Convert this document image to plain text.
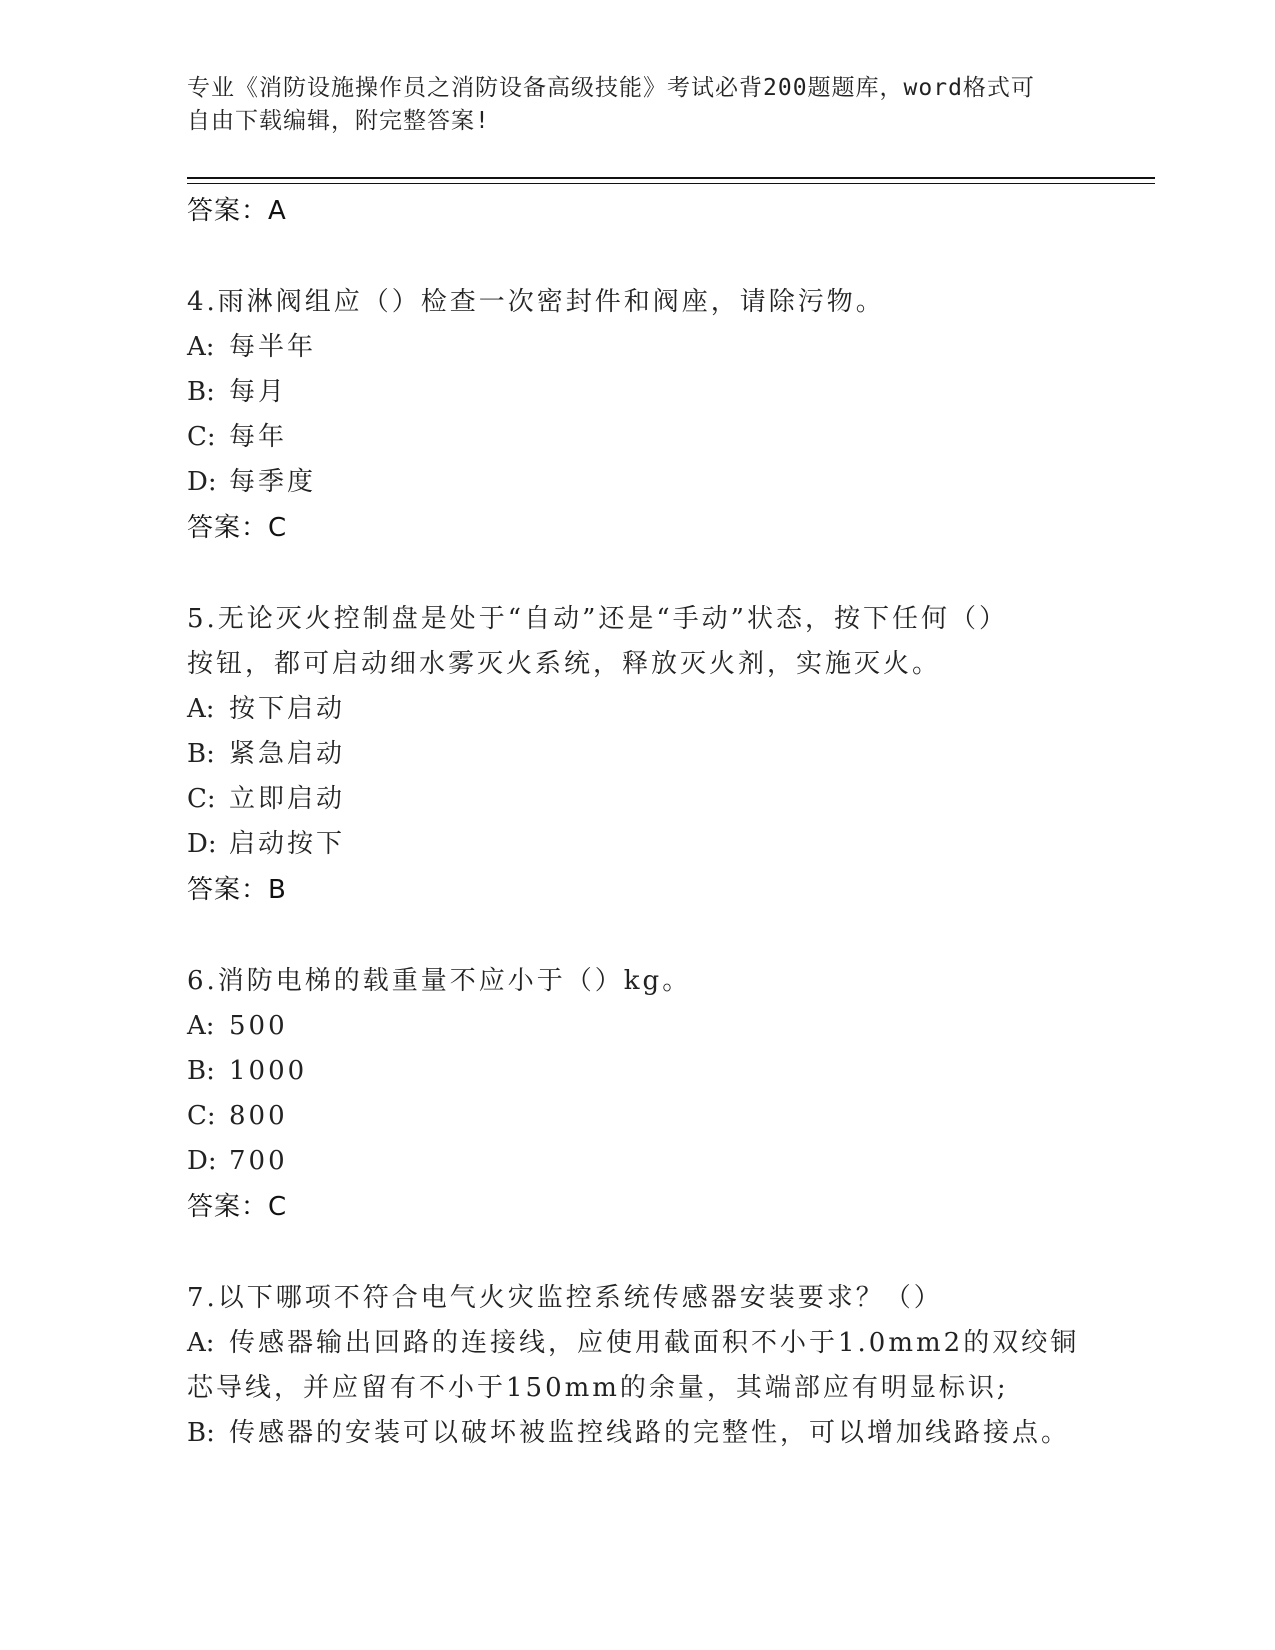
专业《消防设施操作员之消防设备高级技能》考试必背200题题库，word格式可
自由下载编辑，附完整答案!
答案：A
4.雨淋阀组应（）检查一次密封件和阀座，请除污物。
A: 每半年
B: 每月
C: 每年
D: 每季度
答案：C
5.无论灭火控制盘是处于“自动”还是“手动”状态，按下任何（）
按钮，都可启动细水雾灭火系统，释放灭火剂，实施灭火。
A: 按下启动
B: 紧急启动
C: 立即启动
D: 启动按下
答案：B
6.消防电梯的载重量不应小于（）kg。
A: 500
B: 1000
C: 800
D: 700
答案：C
7.以下哪项不符合电气火灾监控系统传感器安装要求？（）
A: 传感器输出回路的连接线，应使用截面积不小于1.0mm2的双绞铜
芯导线，并应留有不小于150mm的余量，其端部应有明显标识;
B: 传感器的安装可以破坏被监控线路的完整性，可以增加线路接点。
